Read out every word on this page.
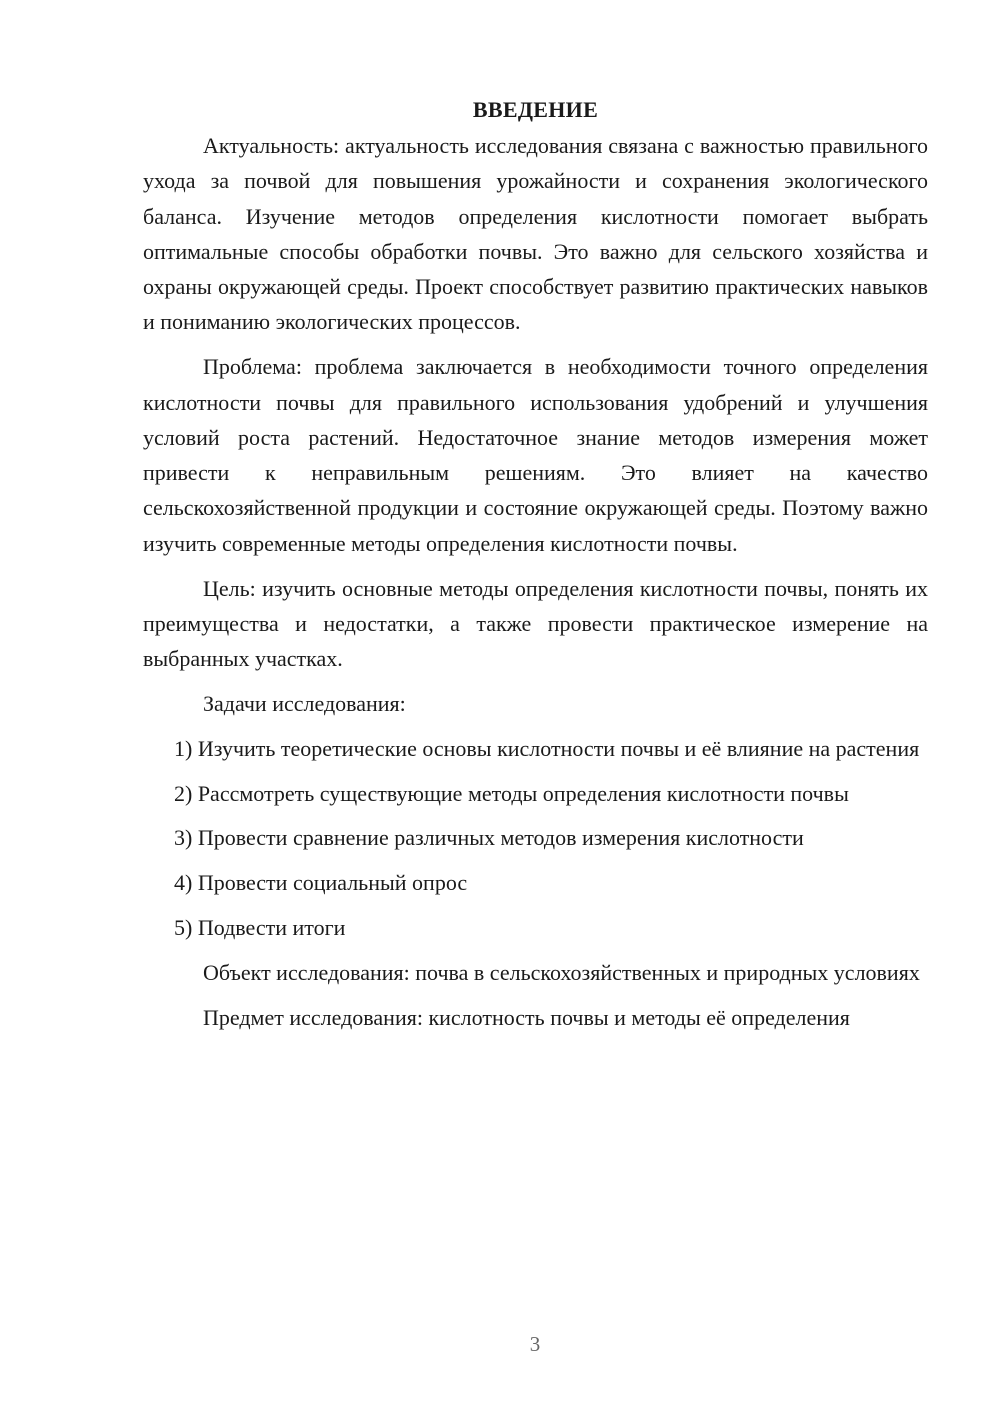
ВВЕДЕНИЕ

Актуальность: актуальность исследования связана с важностью правильного ухода за почвой для повышения урожайности и сохранения экологического баланса. Изучение методов определения кислотности помогает выбрать оптимальные способы обработки почвы. Это важно для сельского хозяйства и охраны окружающей среды. Проект способствует развитию практических навыков и пониманию экологических процессов.

Проблема: проблема заключается в необходимости точного определения кислотности почвы для правильного использования удобрений и улучшения условий роста растений. Недостаточное знание методов измерения может привести к неправильным решениям. Это влияет на качество сельскохозяйственной продукции и состояние окружающей среды. Поэтому важно изучить современные методы определения кислотности почвы.

Цель: изучить основные методы определения кислотности почвы, понять их преимущества и недостатки, а также провести практическое измерение на выбранных участках.

Задачи исследования:

1) Изучить теоретические основы кислотности почвы и её влияние на растения

2) Рассмотреть существующие методы определения кислотности почвы

3) Провести сравнение различных методов измерения кислотности

4) Провести социальный опрос

5) Подвести итоги

Объект исследования: почва в сельскохозяйственных и природных условиях

Предмет исследования: кислотность почвы и методы её определения

3
